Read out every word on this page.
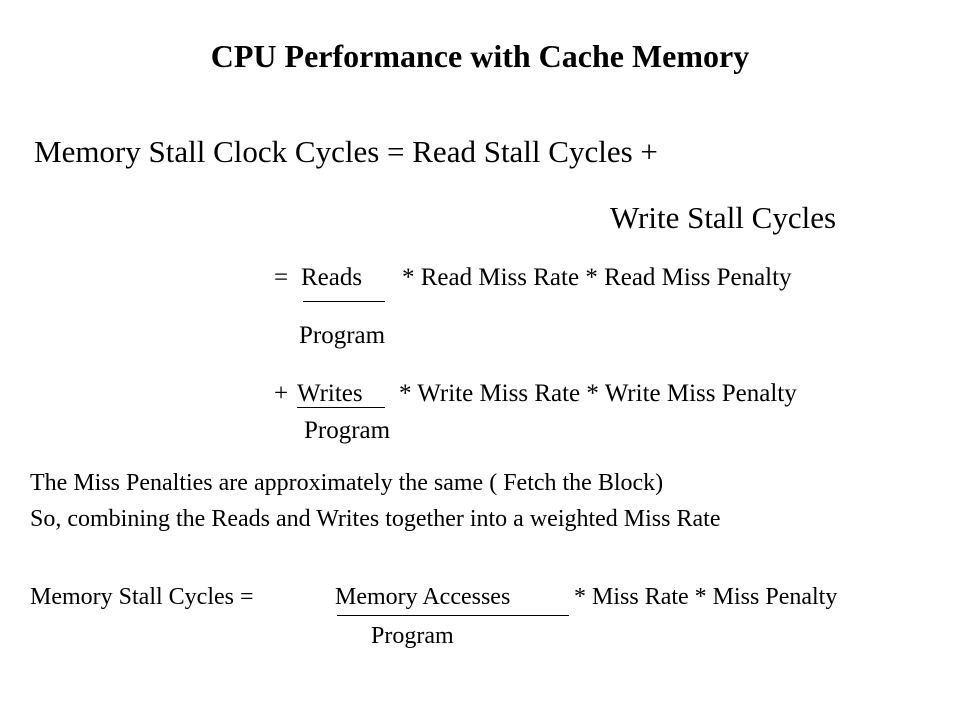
CPU Performance with Cache Memory
Memory Stall Clock Cycles = Read Stall Cycles +
Write Stall Cycles
= Reads * Read Miss Rate * Read Miss Penalty
Program
+ Writes * Write Miss Rate * Write Miss Penalty
Program
The Miss Penalties are approximately the same ( Fetch the Block)
So, combining the Reads and Writes together into a weighted Miss Rate
Memory Stall Cycles =	Memory Accesses	* Miss Rate * Miss Penalty
Program
